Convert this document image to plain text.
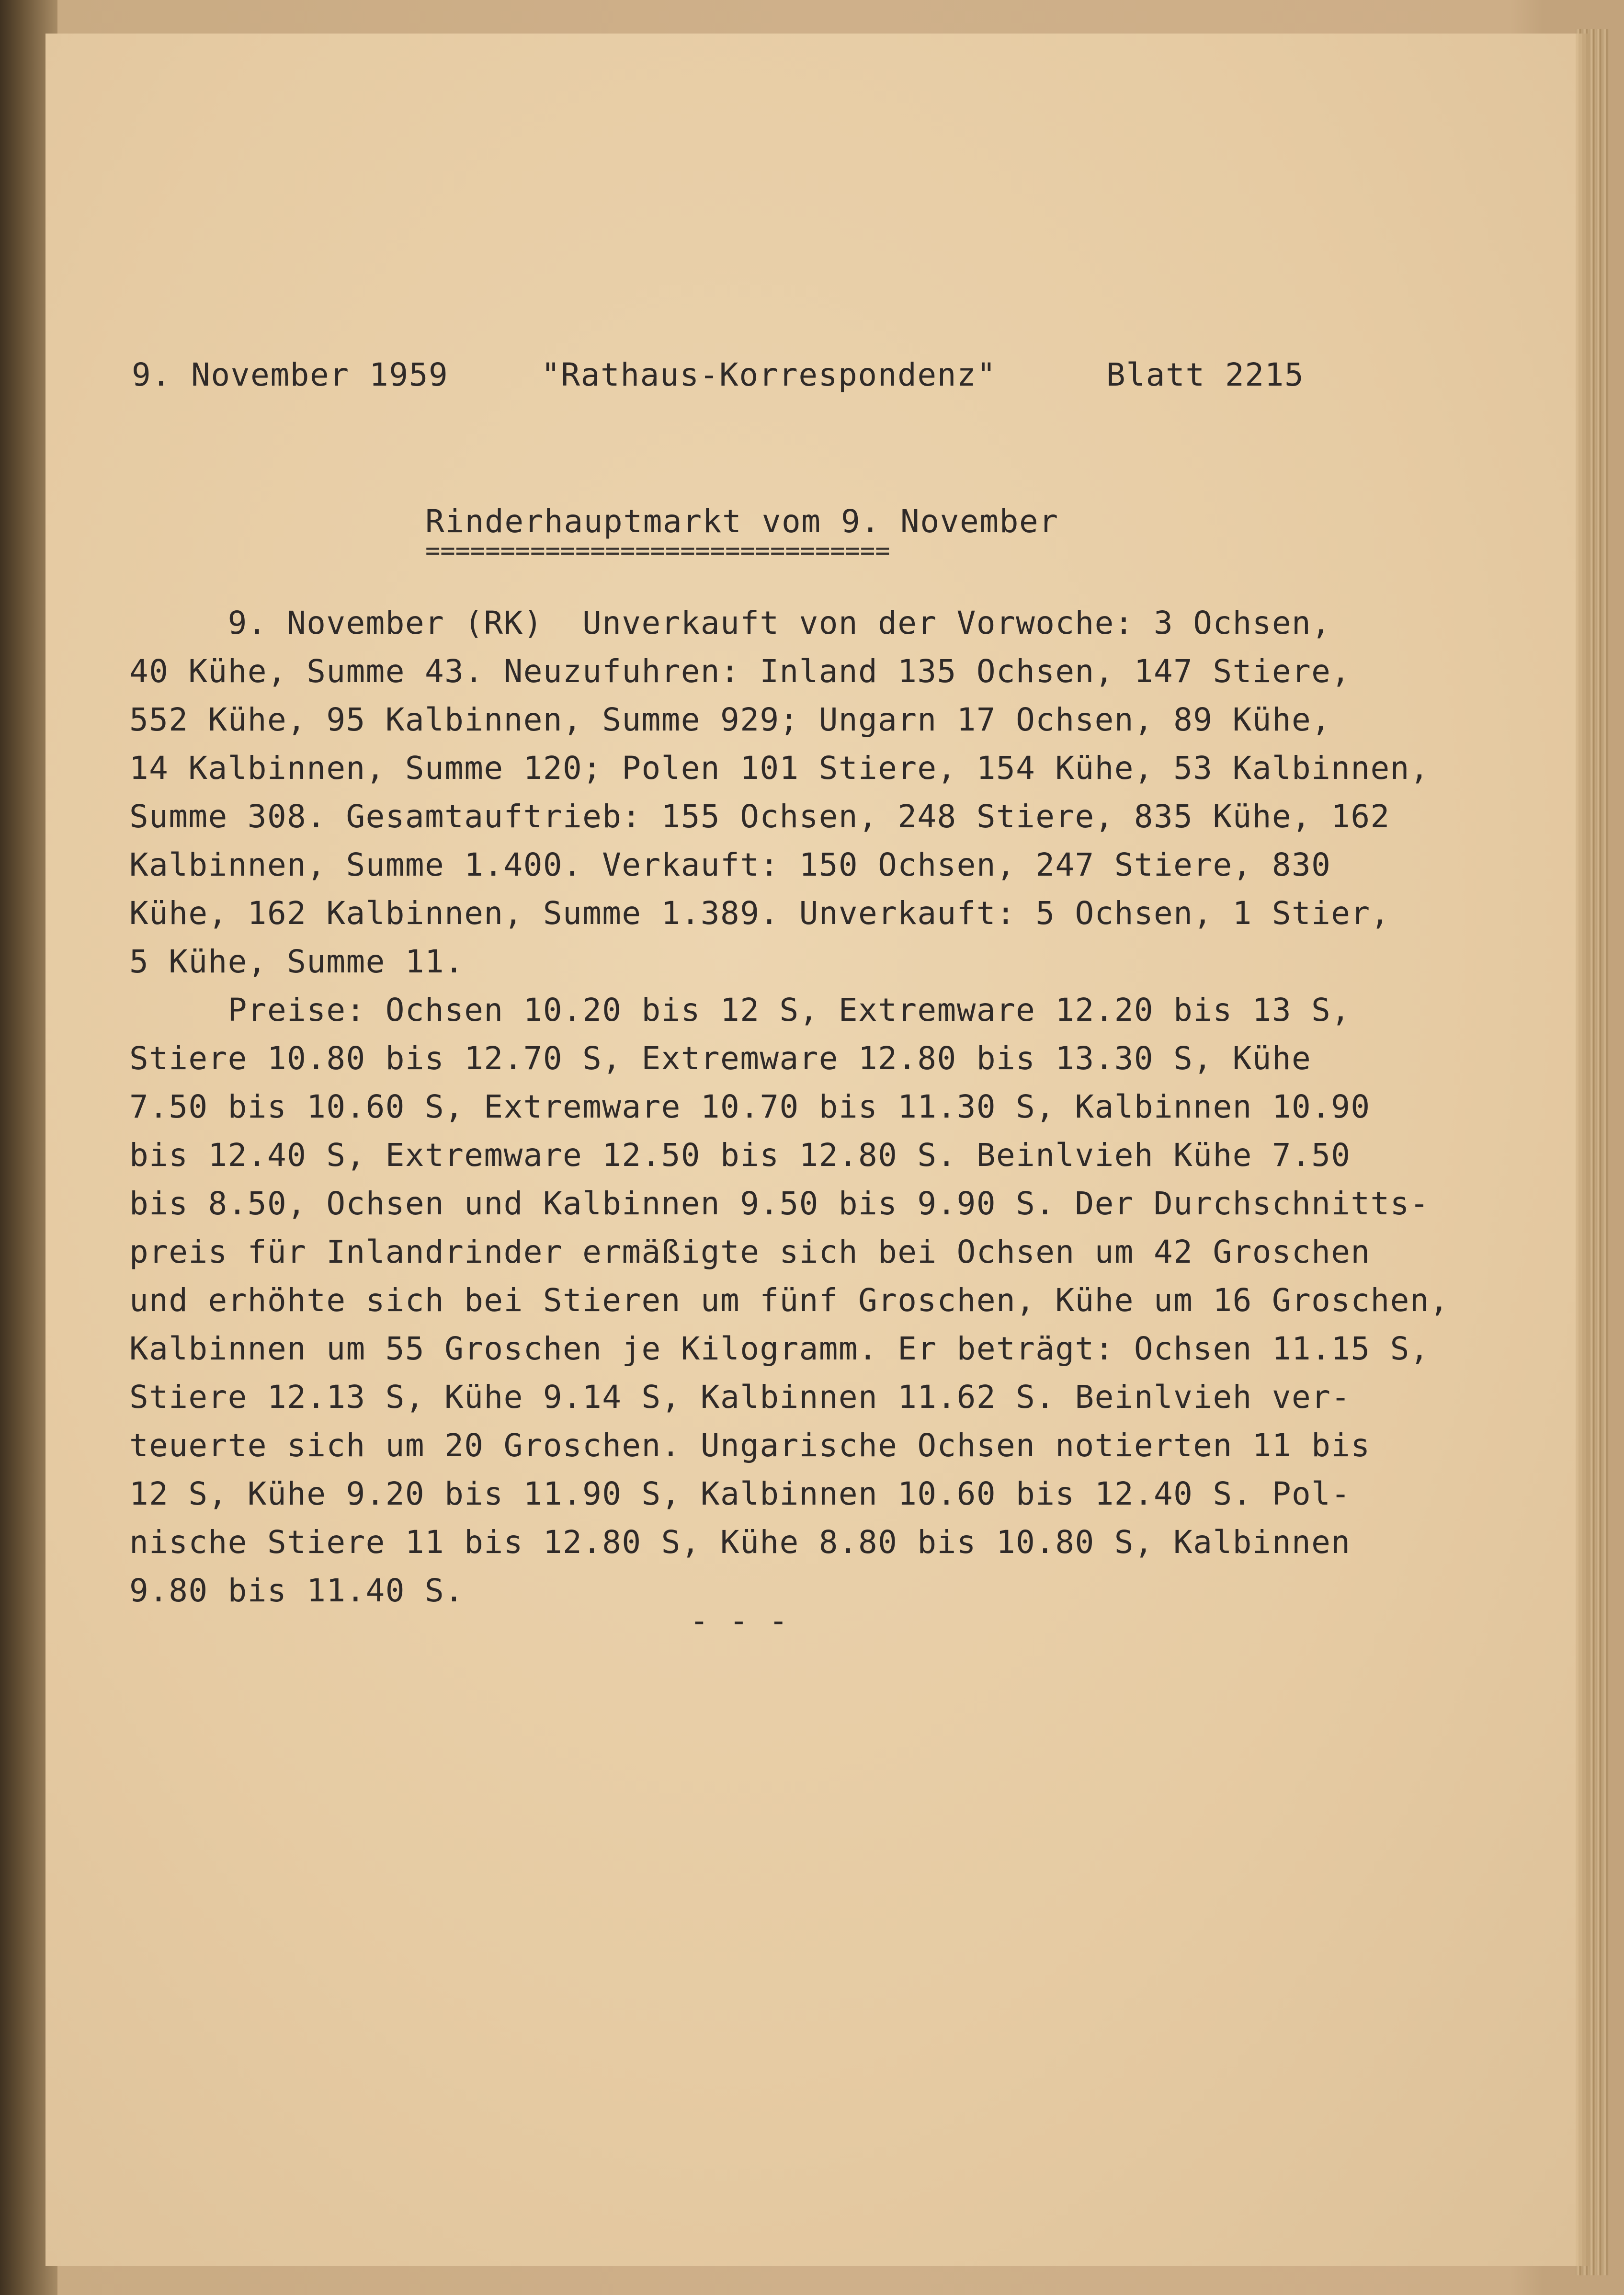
9. November 1959	"Rathaus-Korrespondenz"	Blatt 2215
Rinderhauptmarkt vom 9. November
===============================
9. November (RK)  Unverkauft von der Vorwoche: 3 Ochsen,
40 Kühe, Summe 43. Neuzufuhren: Inland 135 Ochsen, 147 Stiere,
552 Kühe, 95 Kalbinnen, Summe 929; Ungarn 17 Ochsen, 89 Kühe,
14 Kalbinnen, Summe 120; Polen 101 Stiere, 154 Kühe, 53 Kalbinnen,
Summe 308. Gesamtauftrieb: 155 Ochsen, 248 Stiere, 835 Kühe, 162
Kalbinnen, Summe 1.400. Verkauft: 150 Ochsen, 247 Stiere, 830
Kühe, 162 Kalbinnen, Summe 1.389. Unverkauft: 5 Ochsen, 1 Stier,
5 Kühe, Summe 11.
Preise: Ochsen 10.20 bis 12 S, Extremware 12.20 bis 13 S,
Stiere 10.80 bis 12.70 S, Extremware 12.80 bis 13.30 S, Kühe
7.50 bis 10.60 S, Extremware 10.70 bis 11.30 S, Kalbinnen 10.90
bis 12.40 S, Extremware 12.50 bis 12.80 S. Beinlvieh Kühe 7.50
bis 8.50, Ochsen und Kalbinnen 9.50 bis 9.90 S. Der Durchschnitts-
preis für Inlandrinder ermäßigte sich bei Ochsen um 42 Groschen
und erhöhte sich bei Stieren um fünf Groschen, Kühe um 16 Groschen,
Kalbinnen um 55 Groschen je Kilogramm. Er beträgt: Ochsen 11.15 S,
Stiere 12.13 S, Kühe 9.14 S, Kalbinnen 11.62 S. Beinlvieh ver-
teuerte sich um 20 Groschen. Ungarische Ochsen notierten 11 bis
12 S, Kühe 9.20 bis 11.90 S, Kalbinnen 10.60 bis 12.40 S. Pol-
nische Stiere 11 bis 12.80 S, Kühe 8.80 bis 10.80 S, Kalbinnen
9.80 bis 11.40 S.
- - -
